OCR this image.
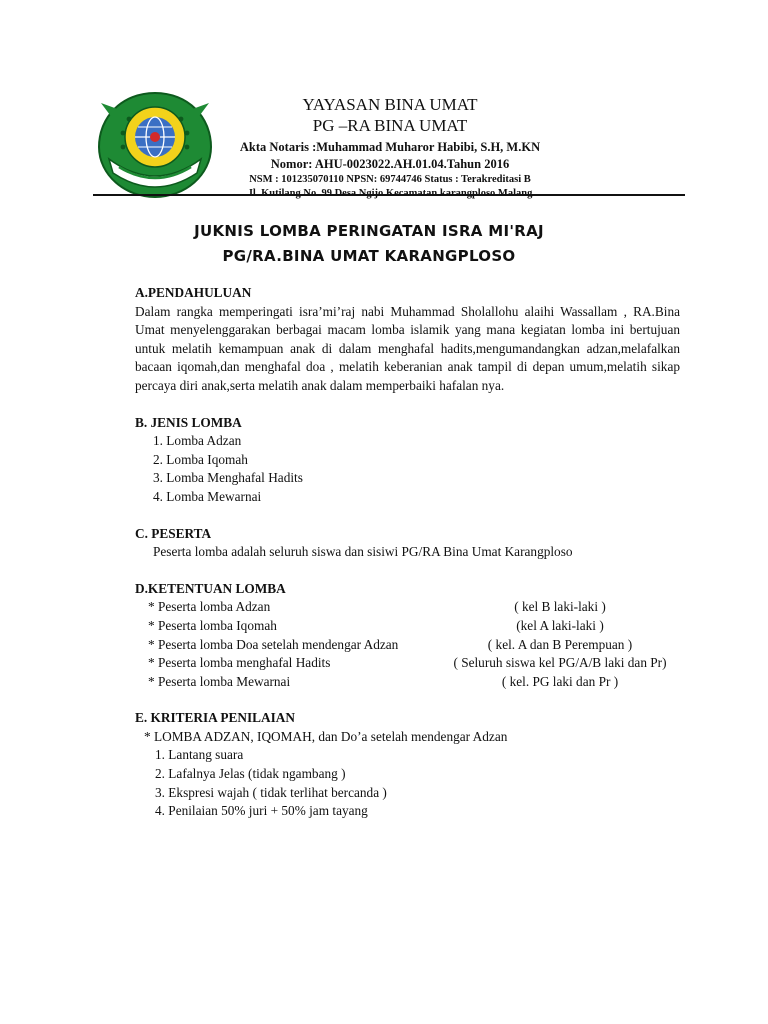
YAYASAN BINA UMAT
PG –RA BINA UMAT
Akta Notaris :Muhammad Muharor Habibi, S.H, M.KN
Nomor: AHU-0023022.AH.01.04.Tahun 2016
NSM : 101235070110 NPSN: 69744746 Status : Terakreditasi B
Jl. Kutilang No. 99 Desa Ngijo Kecamatan karangploso Malang
JUKNIS LOMBA PERINGATAN ISRA MI'RAJ
PG/RA.BINA UMAT KARANGPLOSO
A.PENDAHULUAN

Dalam rangka memperingati isra’mi’raj nabi Muhammad Sholallohu alaihi Wassallam , RA.Bina Umat menyelenggarakan berbagai macam lomba islamik yang mana kegiatan lomba ini bertujuan untuk melatih kemampuan anak di dalam menghafal hadits,mengumandangkan adzan,melafalkan bacaan iqomah,dan menghafal doa , melatih keberanian anak tampil di depan umum,melatih sikap percaya diri anak,serta melatih anak dalam memperbaiki hafalan nya.

B. JENIS LOMBA
1. Lomba Adzan
2. Lomba Iqomah
3. Lomba Menghafal Hadits
4. Lomba Mewarnai
C. PESERTA
Peserta lomba adalah seluruh siswa dan sisiwi PG/RA Bina Umat Karangploso
D.KETENTUAN LOMBA
* Peserta lomba Adzan	( kel B laki-laki )
* Peserta lomba Iqomah	(kel A laki-laki )
* Peserta lomba Doa setelah mendengar Adzan	( kel. A dan B Perempuan )
* Peserta lomba menghafal Hadits	( Seluruh siswa kel PG/A/B laki dan Pr)
* Peserta lomba Mewarnai	( kel. PG laki dan Pr )
E. KRITERIA PENILAIAN
* LOMBA ADZAN, IQOMAH, dan Do’a setelah mendengar Adzan
1. Lantang suara
2. Lafalnya Jelas (tidak ngambang )
3. Ekspresi wajah ( tidak terlihat bercanda )
4. Penilaian 50% juri + 50% jam tayang
